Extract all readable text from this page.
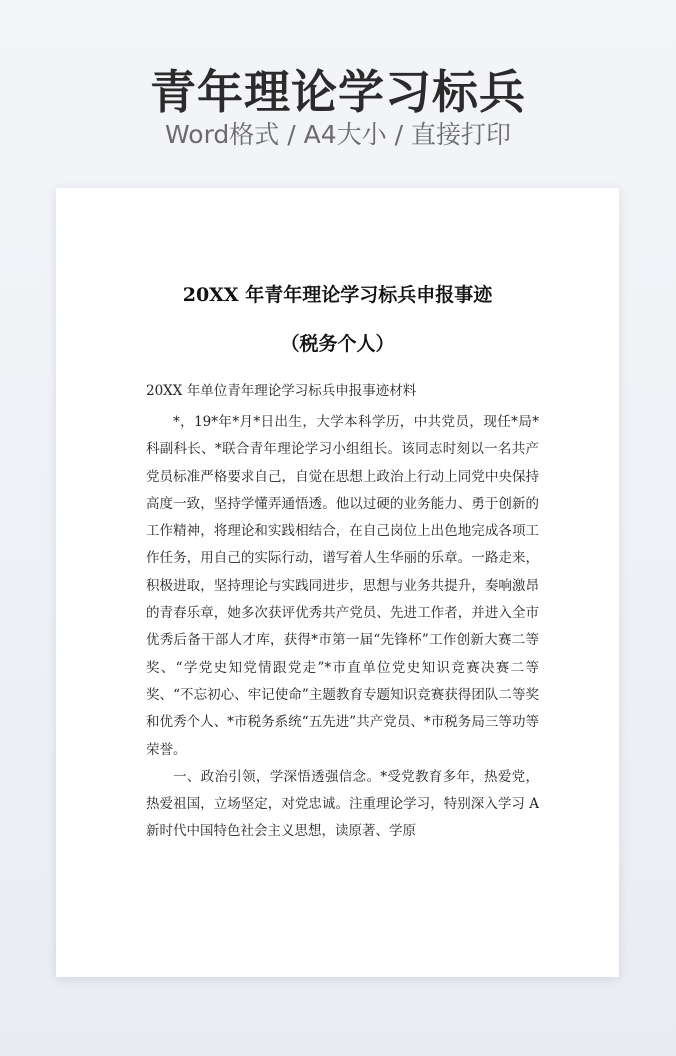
青年理论学习标兵
Word格式 / A4大小 / 直接打印
20XX 年青年理论学习标兵申报事迹
（税务个人）
20XX 年单位青年理论学习标兵申报事迹材料

*，19*年*月*日出生，大学本科学历，中共党员，现任*局*科副科长、*联合青年理论学习小组组长。该同志时刻以一名共产党员标准严格要求自己，自觉在思想上政治上行动上同党中央保持高度一致，坚持学懂弄通悟透。他以过硬的业务能力、勇于创新的工作精神，将理论和实践相结合，在自己岗位上出色地完成各项工作任务，用自己的实际行动，谱写着人生华丽的乐章。一路走来，积极进取，坚持理论与实践同进步，思想与业务共提升，奏响激昂的青春乐章，她多次获评优秀共产党员、先进工作者，并进入全市优秀后备干部人才库，获得*市第一届“先锋杯”工作创新大赛二等奖、“学党史知党情跟党走”*市直单位党史知识竞赛决赛二等奖、“不忘初心、牢记使命”主题教育专题知识竞赛获得团队二等奖和优秀个人、*市税务系统“五先进”共产党员、*市税务局三等功等荣誉。

一、政治引领，学深悟透强信念。*受党教育多年，热爱党，热爱祖国，立场坚定，对党忠诚。注重理论学习，特别深入学习 A 新时代中国特色社会主义思想，读原著、学原
